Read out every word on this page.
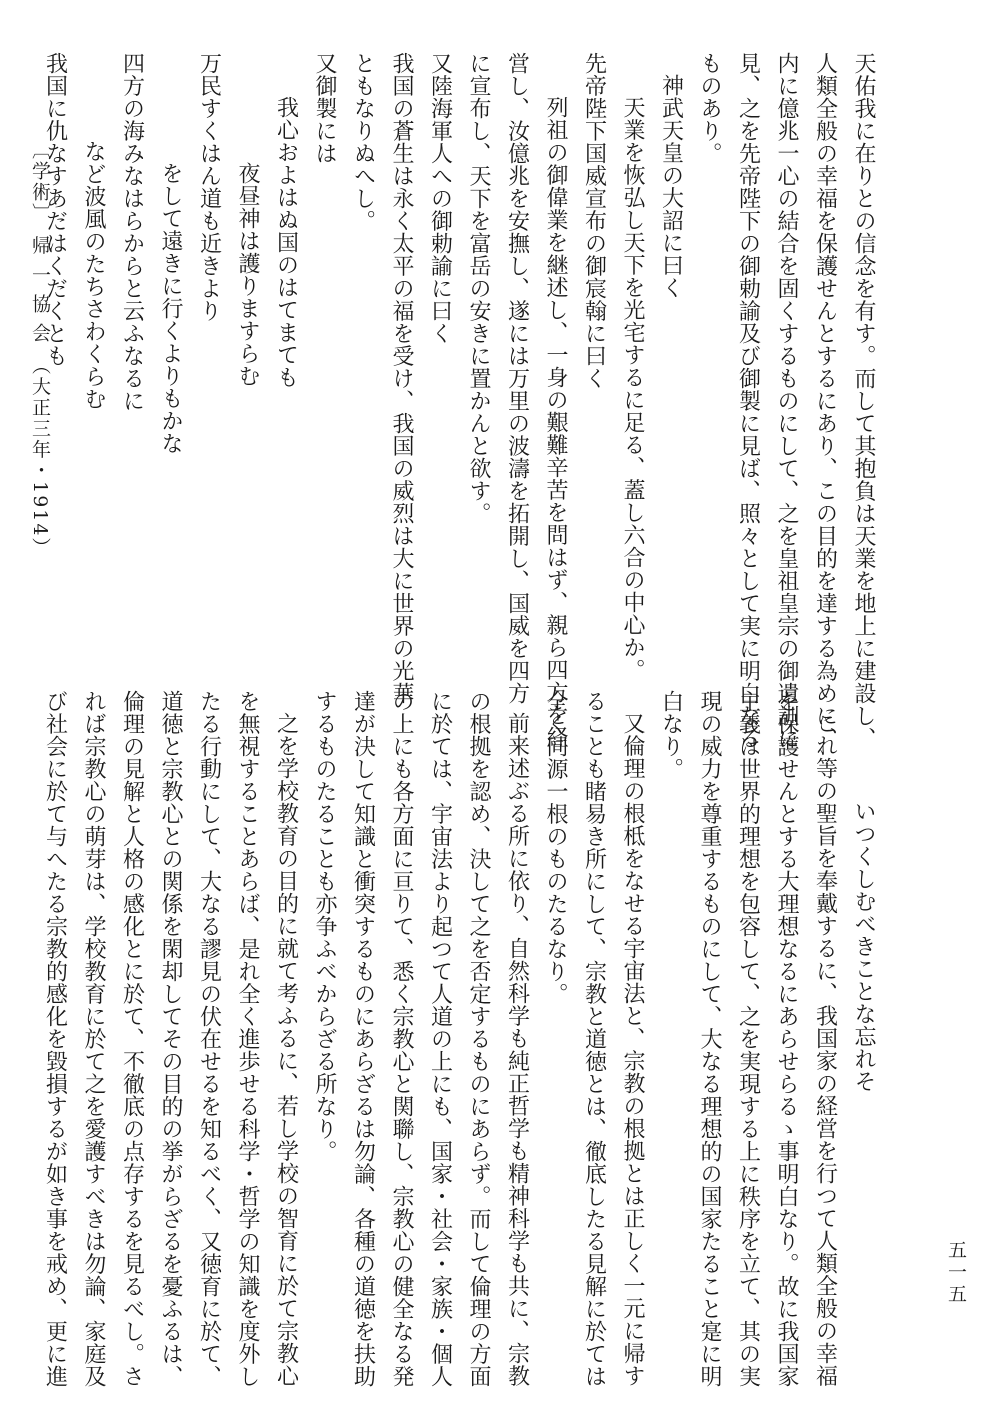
五一五
天佑我に在りとの信念を有す。而して其抱負は天業を地上に建設し、
人類全般の幸福を保護せんとするにあり、この目的を達する為めに、
内に億兆一心の結合を固くするものにして、之を皇祖皇宗の御遺訓に
見、之を先帝陛下の御勅諭及び御製に見ば、照々として実に明白なる
ものあり。
神武天皇の大詔に曰く
天業を恢弘し天下を光宅するに足る、蓋し六合の中心か。
先帝陛下国威宣布の御宸翰に曰く
列祖の御偉業を継述し、一身の艱難辛苦を問はず、親ら四方を経
営し、汝億兆を安撫し、遂には万里の波濤を拓開し、国威を四方
に宣布し、天下を富岳の安きに置かんと欲す。
又陸海軍人への御勅諭に曰く
我国の蒼生は永く太平の福を受け、我国の威烈は大に世界の光華
ともなりぬへし。
又御製には
我心およはぬ国のはてまても
夜昼神は護りますらむ
万民すくはん道も近きより
をして遠きに行くよりもかな
四方の海みなはらからと云ふなるに
など波風のたちさわくらむ
我国に仇なすあだはくだくとも
〔学術〕　帰 一 協 会　（大正三年・1914）
いつくしむべきことな忘れそ
これ等の聖旨を奉戴するに、我国家の経営を行つて人類全般の幸福
を保護せんとする大理想なるにあらせらるゝ事明白なり。故に我国家
主義は世界的理想を包容して、之を実現する上に秩序を立て、其の実
現の威力を尊重するものにして、大なる理想的の国家たること寔に明
白なり。
又倫理の根柢をなせる宇宙法と、宗教の根拠とは正しく一元に帰す
ることも睹易き所にして、宗教と道徳とは、徹底したる見解に於ては
全く同源一根のものたるなり。
前来述ぶる所に依り、自然科学も純正哲学も精神科学も共に、宗教
の根拠を認め、決して之を否定するものにあらず。而して倫理の方面
に於ては、宇宙法より起つて人道の上にも、国家・社会・家族・個人
の上にも各方面に亘りて、悉く宗教心と関聯し、宗教心の健全なる発
達が決して知識と衝突するものにあらざるは勿論、各種の道徳を扶助
するものたることも亦争ふべからざる所なり。
之を学校教育の目的に就て考ふるに、若し学校の智育に於て宗教心
を無視することあらば、是れ全く進歩せる科学・哲学の知識を度外し
たる行動にして、大なる謬見の伏在せるを知るべく、又徳育に於て、
道徳と宗教心との関係を閑却してその目的の挙がらざるを憂ふるは、
倫理の見解と人格の感化とに於て、不徹底の点存するを見るべし。さ
れば宗教心の萌芽は、学校教育に於て之を愛護すべきは勿論、家庭及
び社会に於て与へたる宗教的感化を毀損するが如き事を戒め、更に進
